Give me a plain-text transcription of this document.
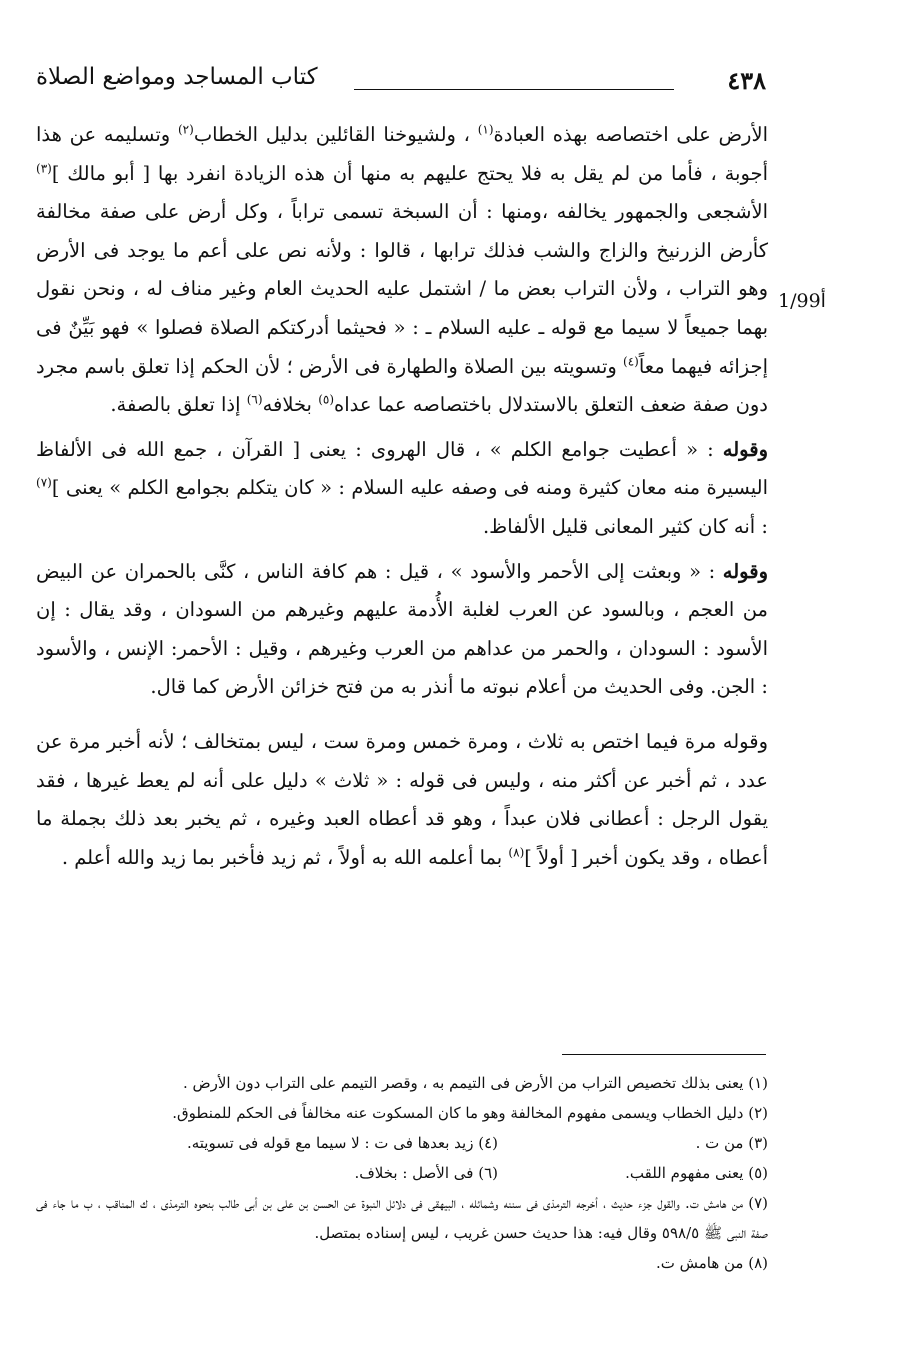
٤٣٨
كتاب المساجد ومواضع الصلاة
1/99أ

الأرض على اختصاصه بهذه العبادة$^{(١)}$ ، ولشيوخنا القائلين بدليل الخطاب$^{(٢)}$ وتسليمه عن هذا أجوبة ، فأما من لم يقل به فلا يحتج عليهم به منها أن هذه الزيادة انفرد بها [ أبو مالك ]$^{(٣)}$ الأشجعى والجمهور يخالفه ،ومنها : أن السبخة تسمى تراباً ، وكل أرض على صفة مخالفة كأرض الزرنيخ والزاج والشب فذلك ترابها ، قالوا : ولأنه نص على أعم ما يوجد فى الأرض وهو التراب ، ولأن التراب بعض ما / اشتمل عليه الحديث العام وغير مناف له ، ونحن نقول بهما جميعاً لا سيما مع قوله ـ عليه السلام ـ : « فحيثما أدركتكم الصلاة فصلوا » فهو بَيِّنٌ فى إجزائه فيهما معاً$^{(٤)}$ وتسويته بين الصلاة والطهارة فى الأرض ؛ لأن الحكم إذا تعلق باسم مجرد دون صفة ضعف التعلق بالاستدلال باختصاصه عما عداه$^{(٥)}$ بخلافه$^{(٦)}$ إذا تعلق بالصفة.

وقوله : « أعطيت جوامع الكلم » ، قال الهروى : يعنى [ القرآن ، جمع الله فى الألفاظ اليسيرة منه معان كثيرة ومنه فى وصفه عليه السلام : « كان يتكلم بجوامع الكلم » يعنى ]$^{(٧)}$ : أنه كان كثير المعانى قليل الألفاظ.

وقوله : « وبعثت إلى الأحمر والأسود » ، قيل : هم كافة الناس ، كنَّى بالحمران عن البيض من العجم ، وبالسود عن العرب لغلبة الأُدمة عليهم وغيرهم من السودان ، وقد يقال : إن الأسود : السودان ، والحمر من عداهم من العرب وغيرهم ، وقيل : الأحمر: الإنس ، والأسود : الجن. وفى الحديث من أعلام نبوته ما أنذر به من فتح خزائن الأرض كما قال.

وقوله مرة فيما اختص به ثلاث ، ومرة خمس ومرة ست ، ليس بمتخالف ؛ لأنه أخبر مرة عن عدد ، ثم أخبر عن أكثر منه ، وليس فى قوله : « ثلاث » دليل على أنه لم يعط غيرها ، فقد يقول الرجل : أعطانى فلان عبداً ، وهو قد أعطاه العبد وغيره ، ثم يخبر بعد ذلك بجملة ما أعطاه ، وقد يكون أخبر [ أولاً ]$^{(٨)}$ بما أعلمه الله به أولاً ، ثم زيد فأخبر بما زيد والله أعلم .

(١) يعنى بذلك تخصيص التراب من الأرض فى التيمم به ، وقصر التيمم على التراب دون الأرض .

(٢) دليل الخطاب ويسمى مفهوم المخالفة وهو ما كان المسكوت عنه مخالفاً فى الحكم للمنطوق.

(٣) من ت .
(٤) زيد بعدها فى ت : لا سيما مع قوله فى تسويته.
(٥) يعنى مفهوم اللقب.
(٦) فى الأصل : بخلاف.

(٧) من هامش ت. والقول جزء حديث ، أخرجه الترمذى فى سننه وشمائله ، البيهقى فى دلائل النبوة عن الحسن بن على بن أبى طالب بنحوه الترمذى ، ك المناقب ، ب ما جاء فى صفة النبى ﷺ ٥٩٨/٥ وقال فيه: هذا حديث حسن غريب ، ليس إسناده بمتصل.

(٨) من هامش ت.
